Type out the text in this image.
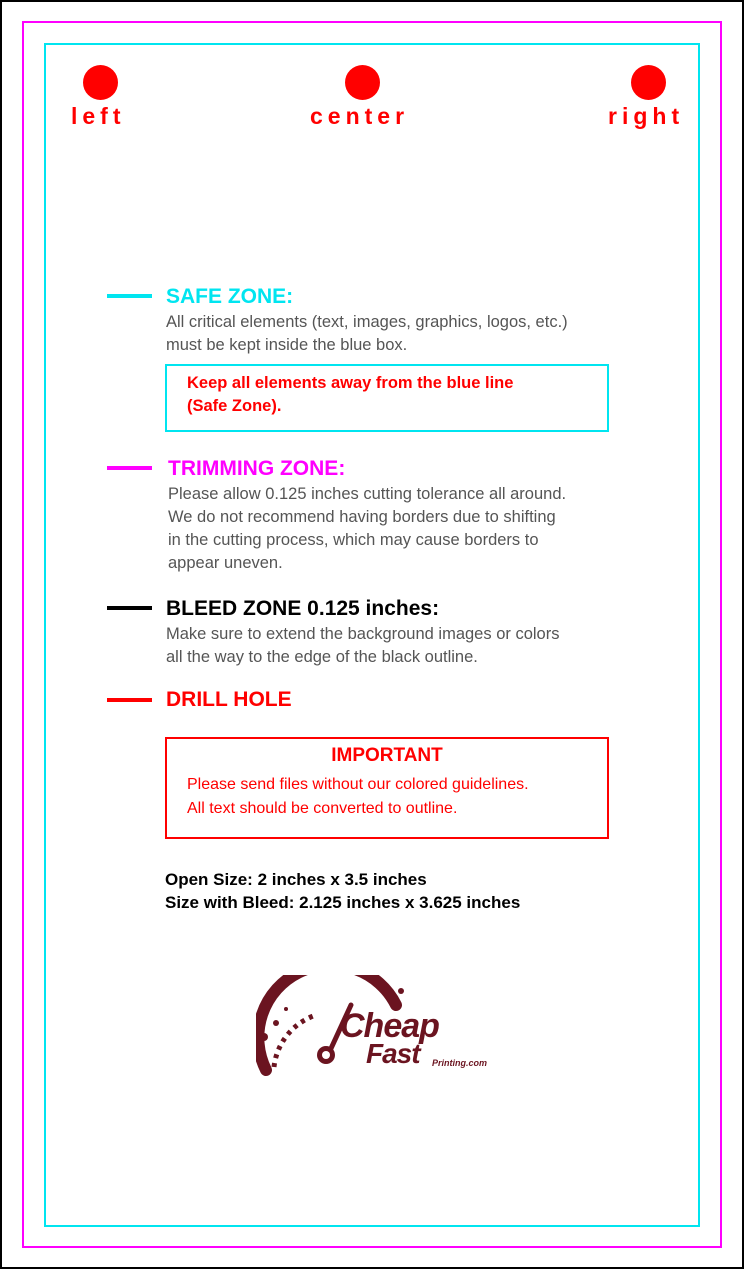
left	center	right
SAFE ZONE:
All critical elements (text, images, graphics, logos, etc.)
must be kept inside the blue box.
Keep all elements away from the blue line
(Safe Zone).
TRIMMING ZONE:
Please allow 0.125 inches cutting tolerance all around.
We do not recommend having borders due to shifting
in the cutting process, which may cause borders to
appear uneven.
BLEED ZONE 0.125 inches:
Make sure to extend the background images or colors
all the way to the edge of the black outline.
DRILL HOLE
IMPORTANT
Please send files without our colored guidelines.
All text should be converted to outline.
Open Size: 2 inches x 3.5 inches
Size with Bleed: 2.125 inches x 3.625 inches
Cheap
Fast Printing.com
